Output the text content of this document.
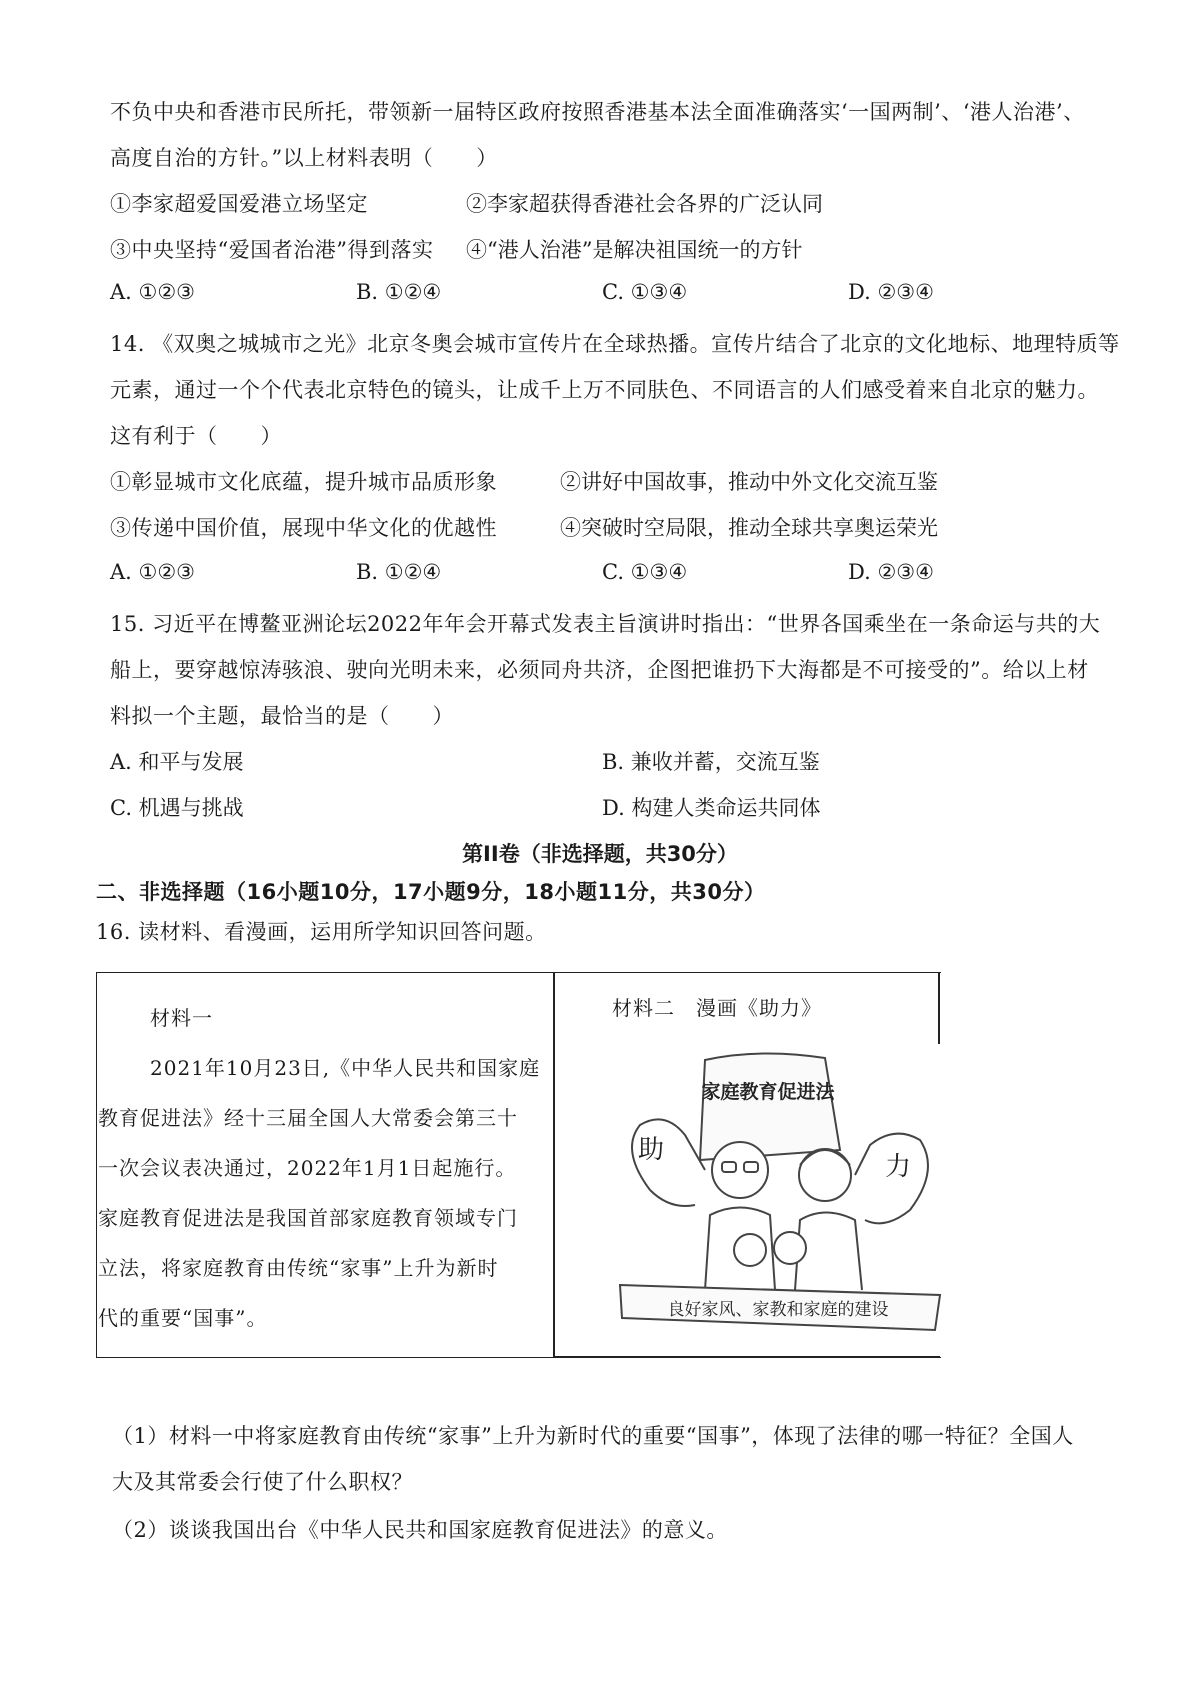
不负中央和香港市民所托，带领新一届特区政府按照香港基本法全面准确落实‘一国两制’、‘港人治港’、
高度自治的方针。”以上材料表明（　　）
①李家超爱国爱港立场坚定	②李家超获得香港社会各界的广泛认同
③中央坚持“爱国者治港”得到落实 ④“港人治港”是解决祖国统一的方针
A. ①②③	B. ①②④	C. ①③④	D. ②③④
14. 《双奥之城城市之光》北京冬奥会城市宣传片在全球热播。宣传片结合了北京的文化地标、地理特质等
元素，通过一个个代表北京特色的镜头，让成千上万不同肤色、不同语言的人们感受着来自北京的魅力。
这有利于（　　）
①彰显城市文化底蕴，提升城市品质形象	②讲好中国故事，推动中外文化交流互鉴
③传递中国价值，展现中华文化的优越性	④突破时空局限，推动全球共享奥运荣光
A. ①②③	B. ①②④	C. ①③④	D. ②③④
15. 习近平在博鳌亚洲论坛2022年年会开幕式发表主旨演讲时指出：“世界各国乘坐在一条命运与共的大
船上，要穿越惊涛骇浪、驶向光明未来，必须同舟共济，企图把谁扔下大海都是不可接受的”。给以上材
料拟一个主题，最恰当的是（　　）
A. 和平与发展	B. 兼收并蓄，交流互鉴
C. 机遇与挑战	D. 构建人类命运共同体
第II卷（非选择题，共30分）
二、非选择题（16小题10分，17小题9分，18小题11分，共30分）
16. 读材料、看漫画，运用所学知识回答问题。
材料一
2021年10月23日,《中华人民共和国家庭
教育促进法》经十三届全国人大常委会第三十
一次会议表决通过，2022年1月1日起施行。
家庭教育促进法是我国首部家庭教育领域专门
立法，将家庭教育由传统“家事”上升为新时
代的重要“国事”。
材料二　漫画《助力》
家庭教育促进法
助
力
良好家风、家教和家庭的建设
（1）材料一中将家庭教育由传统“家事”上升为新时代的重要“国事”，体现了法律的哪一特征？全国人
大及其常委会行使了什么职权？
（2）谈谈我国出台《中华人民共和国家庭教育促进法》的意义。
